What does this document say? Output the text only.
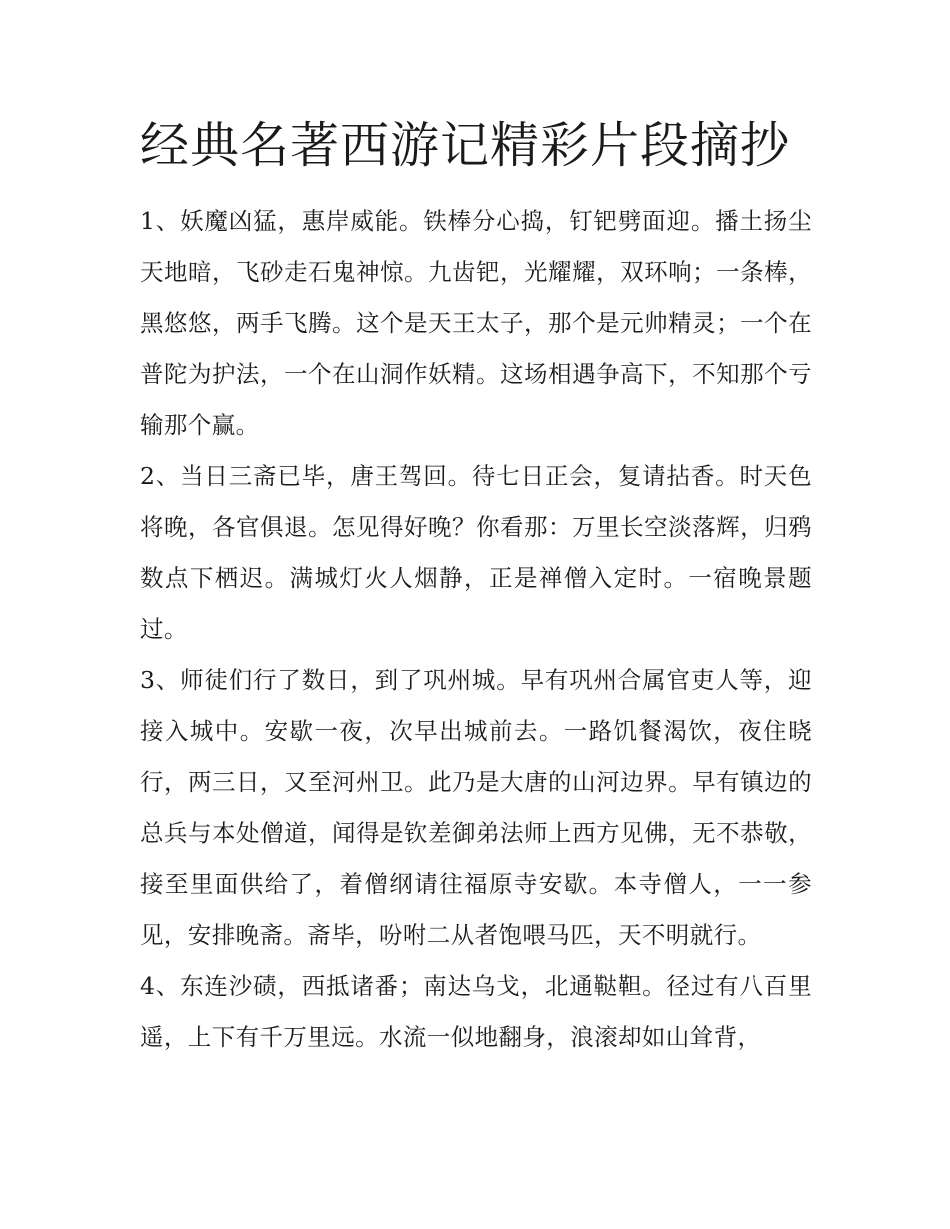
经典名著西游记精彩片段摘抄

1、妖魔凶猛，惠岸威能。铁棒分心捣，钉钯劈面迎。播土扬尘天地暗，飞砂走石鬼神惊。九齿钯，光耀耀，双环响；一条棒，黑悠悠，两手飞腾。这个是天王太子，那个是元帅精灵；一个在普陀为护法，一个在山洞作妖精。这场相遇争高下，不知那个亏输那个赢。

2、当日三斋已毕，唐王驾回。待七日正会，复请拈香。时天色将晚，各官俱退。怎见得好晚？你看那：万里长空淡落辉，归鸦数点下栖迟。满城灯火人烟静，正是禅僧入定时。一宿晚景题过。

3、师徒们行了数日，到了巩州城。早有巩州合属官吏人等，迎接入城中。安歇一夜，次早出城前去。一路饥餐渴饮，夜住晓行，两三日，又至河州卫。此乃是大唐的山河边界。早有镇边的总兵与本处僧道，闻得是钦差御弟法师上西方见佛，无不恭敬，接至里面供给了，着僧纲请往福原寺安歇。本寺僧人，一一参见，安排晚斋。斋毕，吩咐二从者饱喂马匹，天不明就行。

4、东连沙碛，西抵诸番；南达乌戈，北通鞑靼。径过有八百里遥，上下有千万里远。水流一似地翻身，浪滚却如山耸背，
